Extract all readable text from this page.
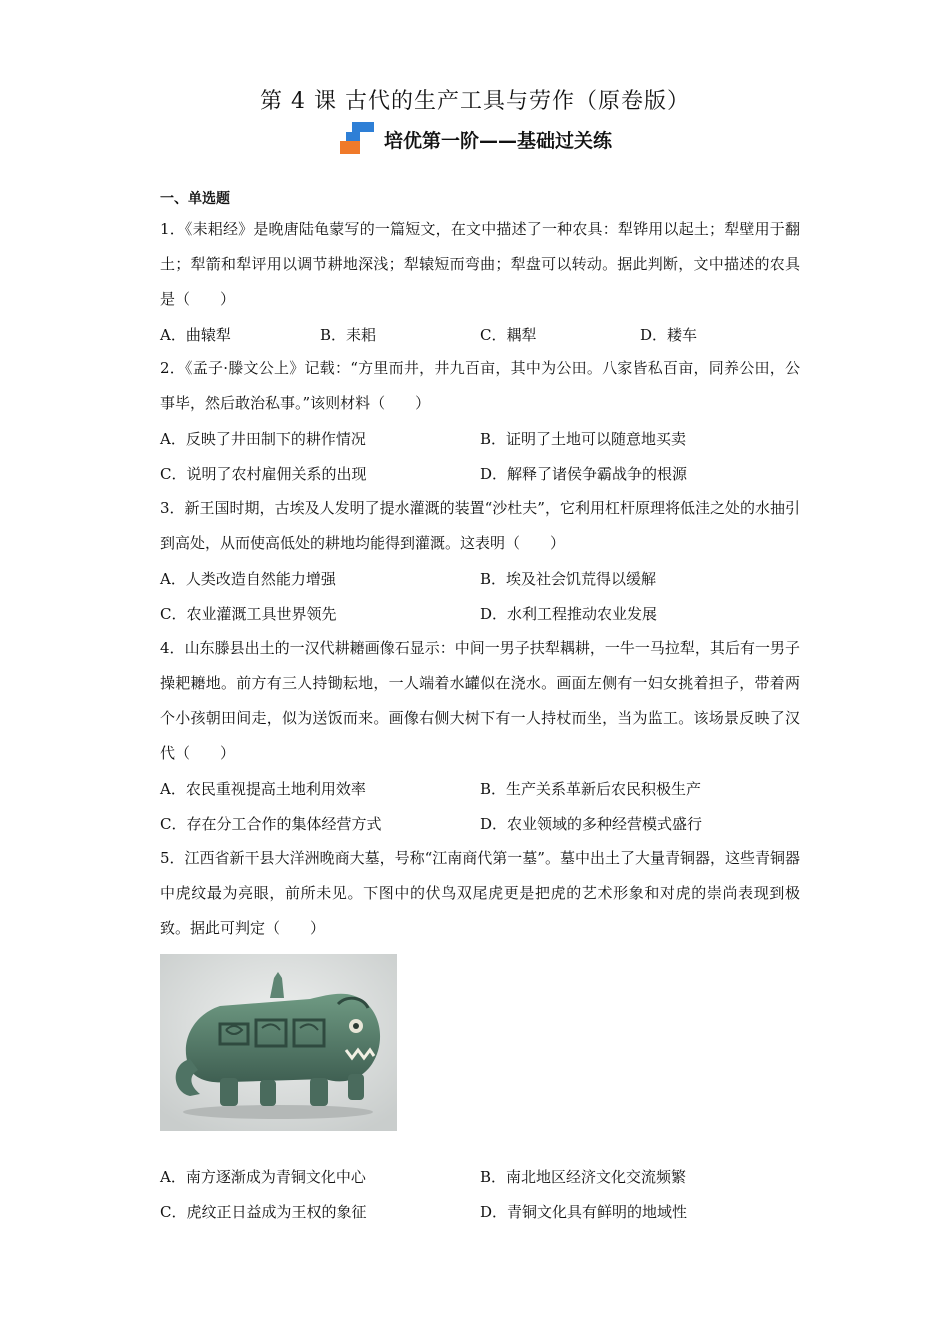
第 4 课 古代的生产工具与劳作（原卷版）
培优第一阶——基础过关练
一、单选题
1．《耒耜经》是晚唐陆龟蒙写的一篇短文，在文中描述了一种农具：犁铧用以起土；犁壁用于翻土；犁箭和犁评用以调节耕地深浅；犁辕短而弯曲；犁盘可以转动。据此判断，文中描述的农具是（　　）
A．曲辕犁	B．耒耜	C．耦犁	D．耧车
2．《孟子·滕文公上》记载：“方里而井，井九百亩，其中为公田。八家皆私百亩，同养公田，公事毕，然后敢治私事。”该则材料（　　）
A．反映了井田制下的耕作情况	B．证明了土地可以随意地买卖
C．说明了农村雇佣关系的出现	D．解释了诸侯争霸战争的根源
3．新王国时期，古埃及人发明了提水灌溉的装置“沙杜夫”，它利用杠杆原理将低洼之处的水抽引到高处，从而使高低处的耕地均能得到灌溉。这表明（　　）
A．人类改造自然能力增强	B．埃及社会饥荒得以缓解
C．农业灌溉工具世界领先	D．水利工程推动农业发展
4．山东滕县出土的一汉代耕耱画像石显示：中间一男子扶犁耦耕，一牛一马拉犁，其后有一男子操耙耱地。前方有三人持锄耘地，一人端着水罐似在浇水。画面左侧有一妇女挑着担子，带着两个小孩朝田间走，似为送饭而来。画像右侧大树下有一人持杖而坐，当为监工。该场景反映了汉代（　　）
A．农民重视提高土地利用效率	B．生产关系革新后农民积极生产
C．存在分工合作的集体经营方式	D．农业领域的多种经营模式盛行
5．江西省新干县大洋洲晚商大墓，号称“江南商代第一墓”。墓中出土了大量青铜器，这些青铜器中虎纹最为亮眼，前所未见。下图中的伏鸟双尾虎更是把虎的艺术形象和对虎的崇尚表现到极致。据此可判定（　　）
A．南方逐渐成为青铜文化中心	B．南北地区经济文化交流频繁
C．虎纹正日益成为王权的象征	D．青铜文化具有鲜明的地域性
